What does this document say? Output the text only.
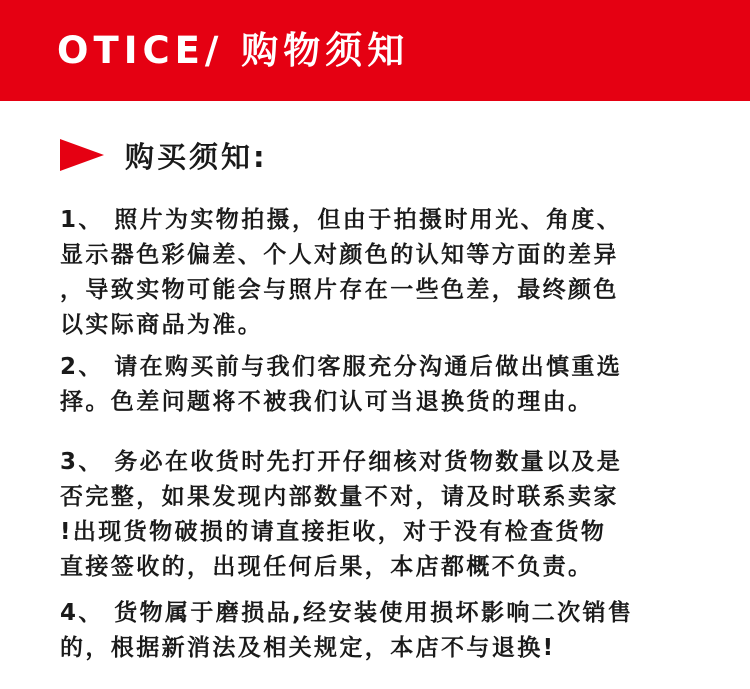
OTICE/ 购物须知
购买须知:
1、 照片为实物拍摄，但由于拍摄时用光、角度、
显示器色彩偏差、个人对颜色的认知等方面的差异
，导致实物可能会与照片存在一些色差，最终颜色
以实际商品为准。
2、 请在购买前与我们客服充分沟通后做出慎重选
择。色差问题将不被我们认可当退换货的理由。
3、 务必在收货时先打开仔细核对货物数量以及是
否完整，如果发现内部数量不对，请及时联系卖家
!出现货物破损的请直接拒收，对于没有检查货物
直接签收的，出现任何后果，本店都概不负责。
4、 货物属于磨损品,经安装使用损坏影响二次销售
的，根据新消法及相关规定，本店不与退换!
